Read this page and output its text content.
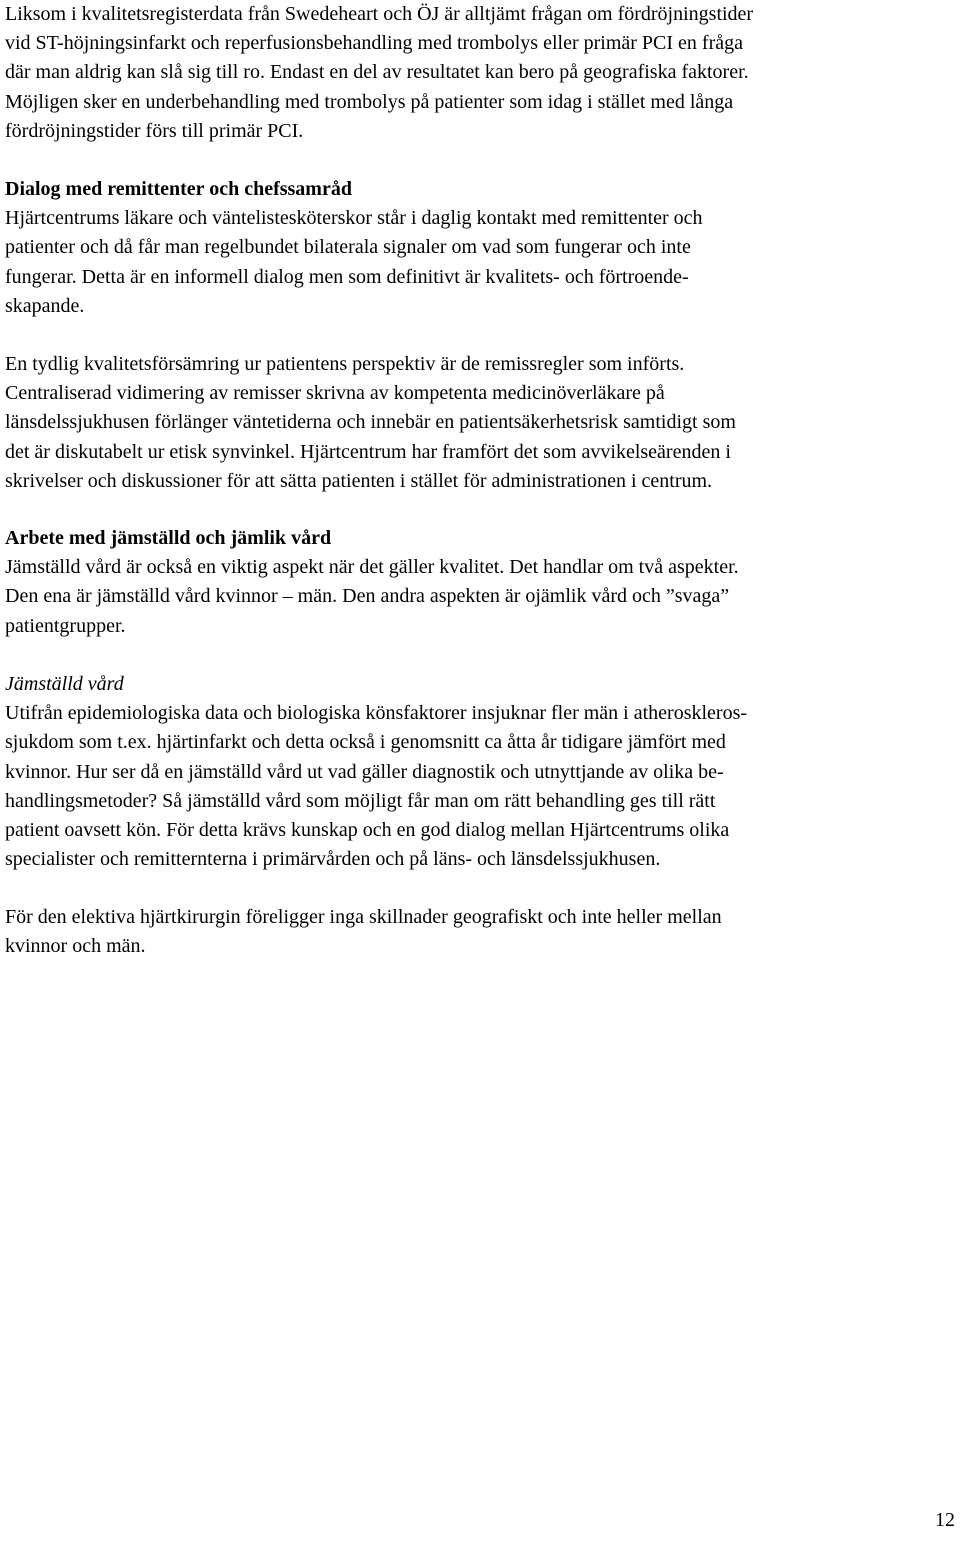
Liksom i kvalitetsregisterdata från Swedeheart och ÖJ är alltjämt frågan om fördröjningstider
vid ST-höjningsinfarkt och reperfusionsbehandling med trombolys eller primär PCI en fråga
där man aldrig kan slå sig till ro. Endast en del av resultatet kan bero på geografiska faktorer.
Möjligen sker en underbehandling med trombolys på patienter som idag i stället med långa
fördröjningstider förs till primär PCI.
Dialog med remittenter och chefssamråd
Hjärtcentrums läkare och väntelistesköterskor står i daglig kontakt med remittenter och
patienter och då får man regelbundet bilaterala signaler om vad som fungerar och inte
fungerar. Detta är en informell dialog men som definitivt är kvalitets- och förtroende-
skapande.
En tydlig kvalitetsförsämring ur patientens perspektiv är de remissregler som införts.
Centraliserad vidimering av remisser skrivna av kompetenta medicinöverläkare på
länsdelssjukhusen förlänger väntetiderna och innebär en patientsäkerhetsrisk samtidigt som
det är diskutabelt ur etisk synvinkel. Hjärtcentrum har framfört det som avvikelseärenden i
skrivelser och diskussioner för att sätta patienten i stället för administrationen i centrum.
Arbete med jämställd och jämlik vård
Jämställd vård är också en viktig aspekt när det gäller kvalitet. Det handlar om två aspekter.
Den ena är jämställd vård kvinnor – män. Den andra aspekten är ojämlik vård och ”svaga”
patientgrupper.
Jämställd vård
Utifrån epidemiologiska data och biologiska könsfaktorer insjuknar fler män i atheroskleros-
sjukdom som t.ex. hjärtinfarkt och detta också i genomsnitt ca åtta år tidigare jämfört med
kvinnor. Hur ser då en jämställd vård ut vad gäller diagnostik och utnyttjande av olika be-
handlingsmetoder? Så jämställd vård som möjligt får man om rätt behandling ges till rätt
patient oavsett kön. För detta krävs kunskap och en god dialog mellan Hjärtcentrums olika
specialister och remitternterna i primärvården och på läns- och länsdelssjukhusen.
För den elektiva hjärtkirurgin föreligger inga skillnader geografiskt och inte heller mellan
kvinnor och män.
12
